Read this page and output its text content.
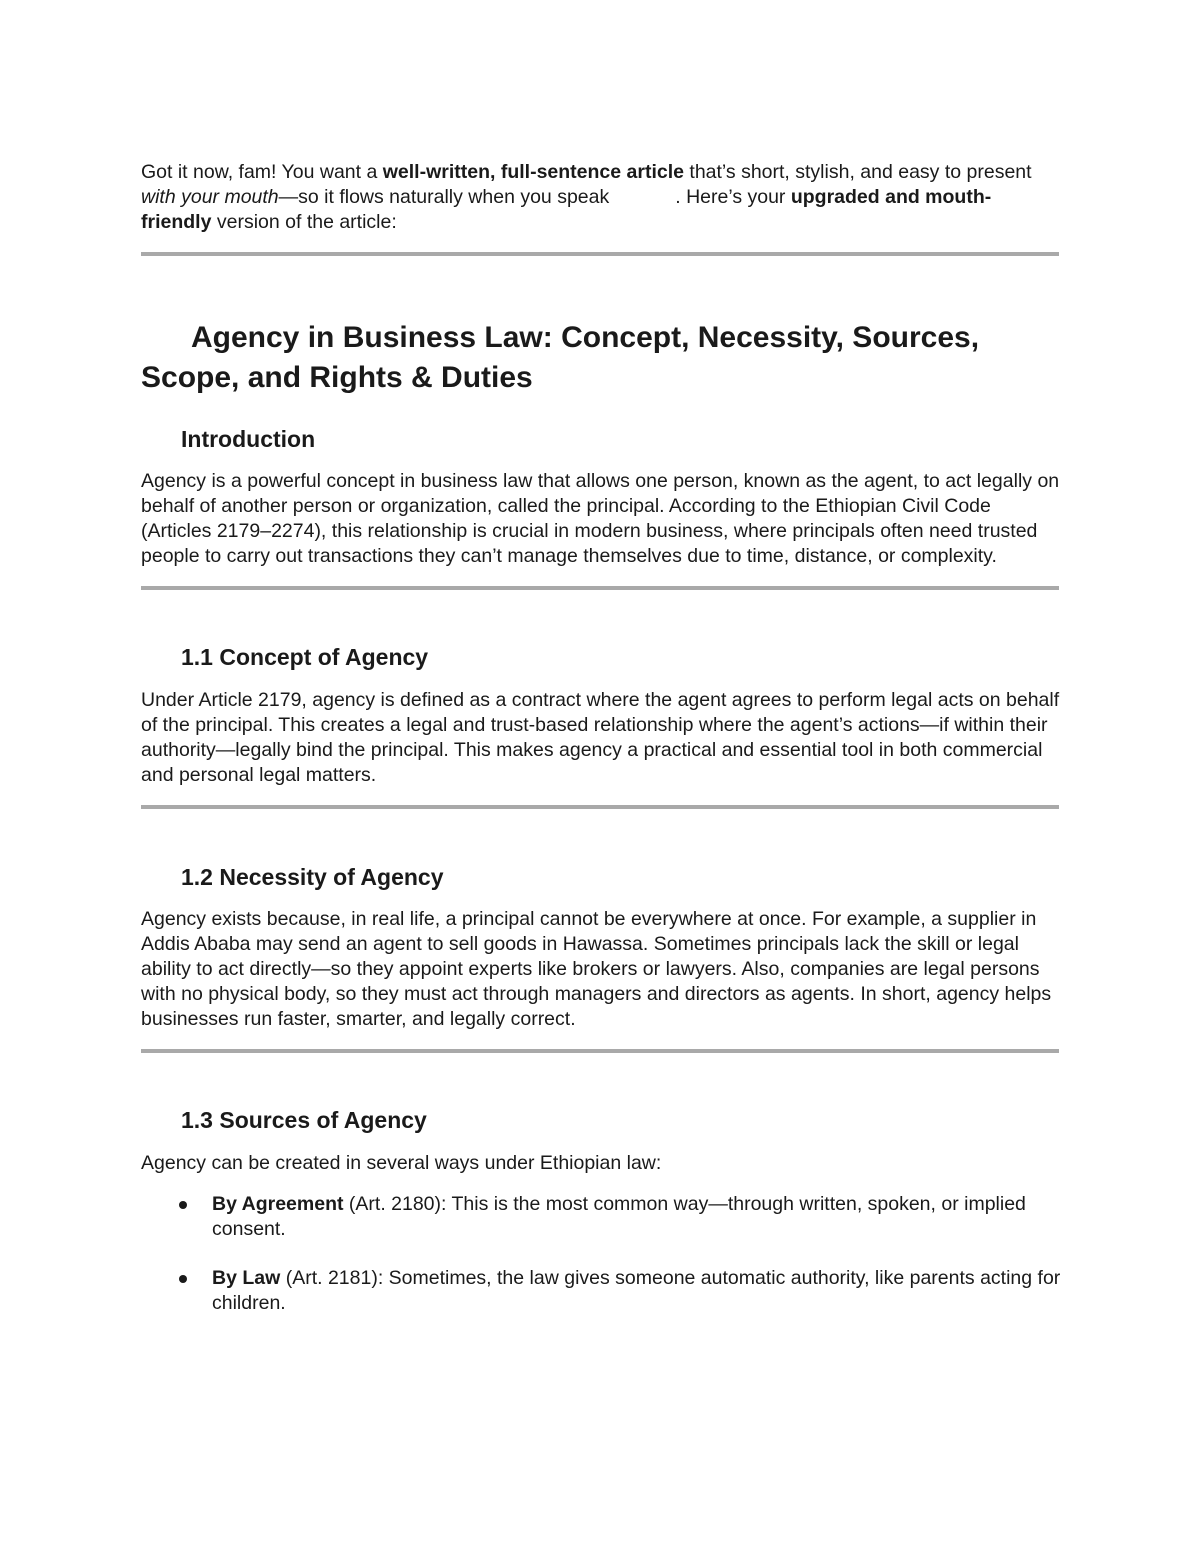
Got it now, fam! You want a well-written, full-sentence article that’s short, stylish, and easy to present with your mouth—so it flows naturally when you speak	. Here’s your upgraded and mouth-friendly version of the article:

Agency in Business Law: Concept, Necessity, Sources, Scope, and Rights & Duties
Introduction

Agency is a powerful concept in business law that allows one person, known as the agent, to act legally on behalf of another person or organization, called the principal. According to the Ethiopian Civil Code (Articles 2179–2274), this relationship is crucial in modern business, where principals often need trusted people to carry out transactions they can’t manage themselves due to time, distance, or complexity.

1.1 Concept of Agency

Under Article 2179, agency is defined as a contract where the agent agrees to perform legal acts on behalf of the principal. This creates a legal and trust-based relationship where the agent’s actions—if within their authority—legally bind the principal. This makes agency a practical and essential tool in both commercial and personal legal matters.

1.2 Necessity of Agency

Agency exists because, in real life, a principal cannot be everywhere at once. For example, a supplier in Addis Ababa may send an agent to sell goods in Hawassa. Sometimes principals lack the skill or legal ability to act directly—so they appoint experts like brokers or lawyers. Also, companies are legal persons with no physical body, so they must act through managers and directors as agents. In short, agency helps businesses run faster, smarter, and legally correct.

1.3 Sources of Agency

Agency can be created in several ways under Ethiopian law:

By Agreement (Art. 2180): This is the most common way—through written, spoken, or implied consent.
By Law (Art. 2181): Sometimes, the law gives someone automatic authority, like parents acting for children.
